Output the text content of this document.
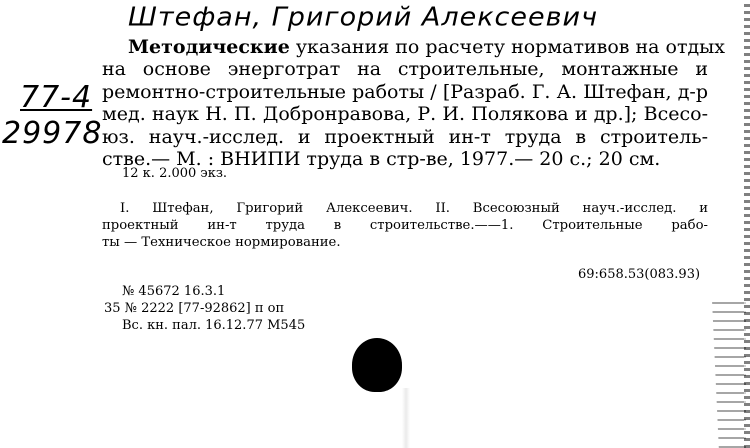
Штефан, Григорий Алексеевич
77-4
29978
Методические указания по расчету нормативов на отдых
на основе энерготрат на строительные, монтажные и
ремонтно-строительные работы / [Разраб. Г. А. Штефан, д-р
мед. наук Н. П. Добронравова, Р. И. Полякова и др.]; Всесо-
юз. науч.-исслед. и проектный ин-т труда в строитель-
стве.— М. : ВНИПИ труда в стр-ве, 1977.— 20 с.; 20 см.
12 к. 2.000 экз.
I. Штефан, Григорий Алексеевич. II. Всесоюзный науч.-исслед. и
проектный ин-т труда в строительстве.——1. Строительные рабо-
ты — Техническое нормирование.
69:658.53(083.93)
№ 45672 16.3.1
35 № 2222 [77-92862] п оп
Вс. кн. пал. 16.12.77 М545
